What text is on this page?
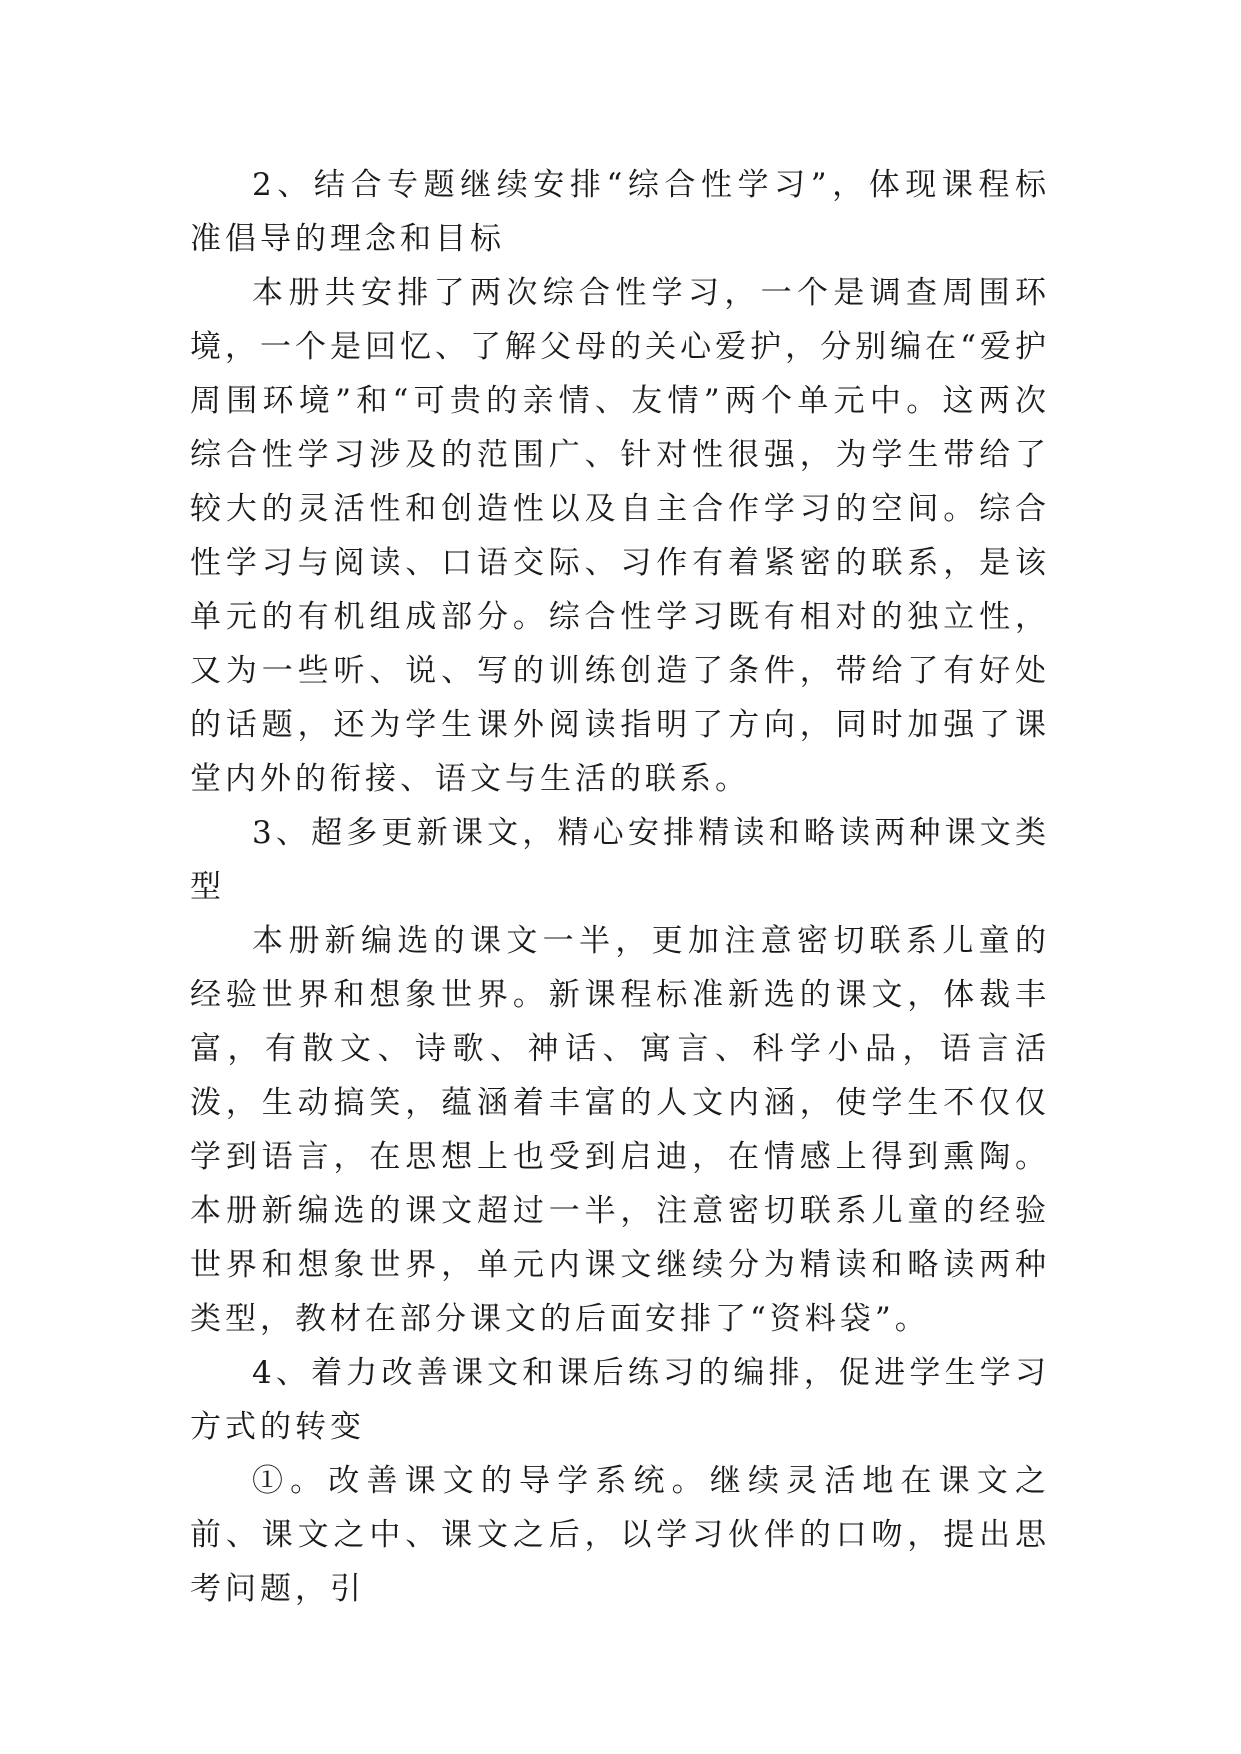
2、结合专题继续安排“综合性学习”，体现课程标准倡导的理念和目标

本册共安排了两次综合性学习，一个是调查周围环境，一个是回忆、了解父母的关心爱护，分别编在“爱护周围环境”和“可贵的亲情、友情”两个单元中。这两次综合性学习涉及的范围广、针对性很强，为学生带给了较大的灵活性和创造性以及自主合作学习的空间。综合性学习与阅读、口语交际、习作有着紧密的联系，是该单元的有机组成部分。综合性学习既有相对的独立性，又为一些听、说、写的训练创造了条件，带给了有好处的话题，还为学生课外阅读指明了方向，同时加强了课堂内外的衔接、语文与生活的联系。

3、超多更新课文，精心安排精读和略读两种课文类型

本册新编选的课文一半，更加注意密切联系儿童的经验世界和想象世界。新课程标准新选的课文，体裁丰富，有散文、诗歌、神话、寓言、科学小品，语言活泼，生动搞笑，蕴涵着丰富的人文内涵，使学生不仅仅学到语言，在思想上也受到启迪，在情感上得到熏陶。本册新编选的课文超过一半，注意密切联系儿童的经验世界和想象世界，单元内课文继续分为精读和略读两种类型，教材在部分课文的后面安排了“资料袋”。

4、着力改善课文和课后练习的编排，促进学生学习方式的转变

①。改善课文的导学系统。继续灵活地在课文之前、课文之中、课文之后，以学习伙伴的口吻，提出思考问题，引
